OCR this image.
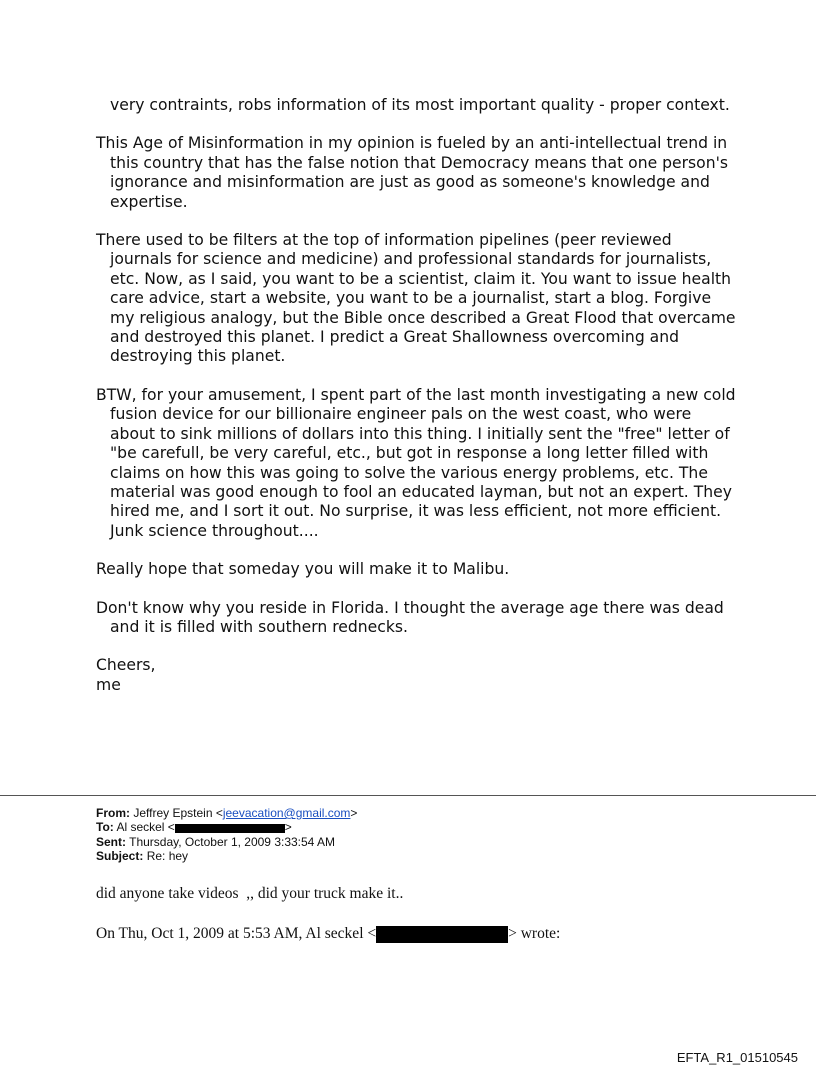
very contraints, robs information of its most important quality - proper context.

This Age of Misinformation in my opinion is fueled by an anti-intellectual trend in this country that has the false notion that Democracy means that one person's ignorance and misinformation are just as good as someone's knowledge and expertise.

There used to be filters at the top of information pipelines (peer reviewed journals for science and medicine) and professional standards for journalists, etc. Now, as I said, you want to be a scientist, claim it. You want to issue health care advice, start a website, you want to be a journalist, start a blog. Forgive my religious analogy, but the Bible once described a Great Flood that overcame and destroyed this planet. I predict a Great Shallowness overcoming and destroying this planet.

BTW, for your amusement, I spent part of the last month investigating a new cold fusion device for our billionaire engineer pals on the west coast, who were about to sink millions of dollars into this thing. I initially sent the "free" letter of "be carefull, be very careful, etc., but got in response a long letter filled with claims on how this was going to solve the various energy problems, etc. The material was good enough to fool an educated layman, but not an expert. They hired me, and I sort it out. No surprise, it was less efficient, not more efficient. Junk science throughout....

Really hope that someday you will make it to Malibu.

Don't know why you reside in Florida. I thought the average age there was dead and it is filled with southern rednecks.

Cheers,

me

From: Jeffrey Epstein <jeevacation@gmail.com>
To: Al seckel <	>
Sent: Thursday, October 1, 2009 3:33:54 AM
Subject: Re: hey
did anyone take videos  ,, did your truck make it..
On Thu, Oct 1, 2009 at 5:53 AM, Al seckel <	> wrote:
EFTA_R1_01510545
